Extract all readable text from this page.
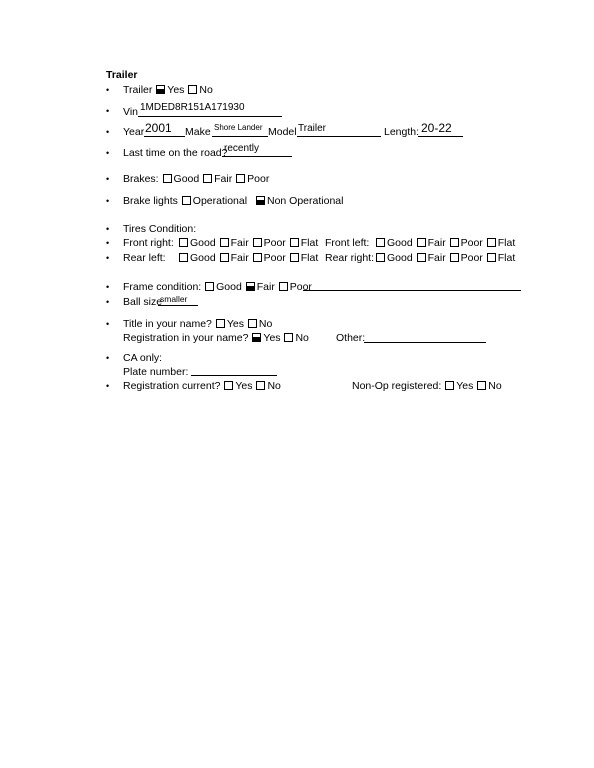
Trailer
• Trailer Yes No
• Vin 1MDED8R151A171930
• Year 2001 Make Shore Lander Model Trailer	Length: 20-22
• Last time on the road?
recently
• Brakes: Good Fair Poor
• Brake lights Operational Non Operational
• Tires Condition:
• Front right:	Good Fair Poor Flat Front left:	Good Fair Poor Flat
• Rear left:	Good Fair Poor Flat Rear right:	Good Fair Poor Flat
• Frame condition: Good Fair Poor
• Ball size
smaller
• Title in your name? Yes No
Registration in your name? Yes No	Other:
• CA only:
Plate number:
• Registration current? Yes No	Non-Op registered: Yes No
